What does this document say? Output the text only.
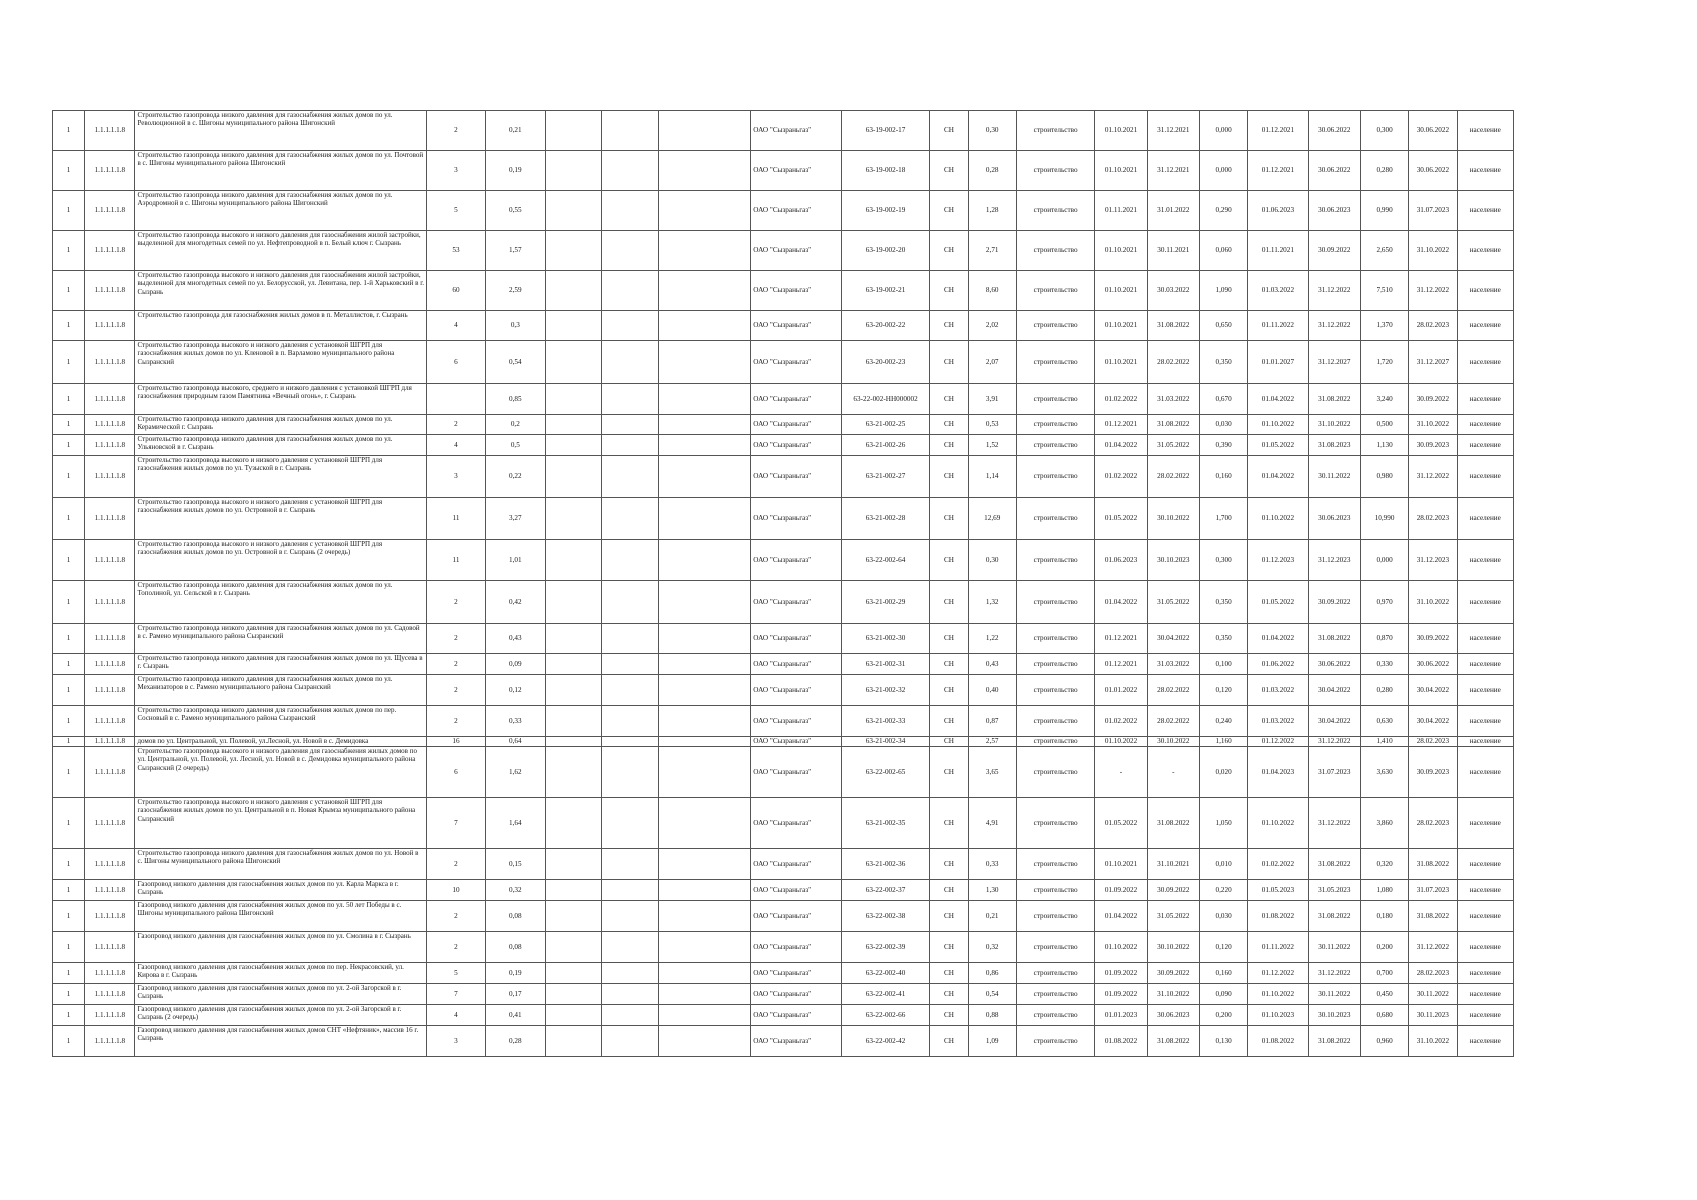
1	1.1.1.1.1.8	Строительство газопровода низкого давления для газоснабжения жилых домов по ул. Революционной в с. Шигоны муниципального района Шигонский	2	0,21				ОАО "Сызраньгаз"	63-19-002-17	СН	0,30	строительство	01.10.2021	31.12.2021	0,000	01.12.2021	30.06.2022	0,300	30.06.2022	население
1	1.1.1.1.1.8	Строительство газопровода низкого давления для газоснабжения жилых домов по ул. Почтовой в с. Шигоны муниципального района Шигонский	3	0,19				ОАО "Сызраньгаз"	63-19-002-18	СН	0,28	строительство	01.10.2021	31.12.2021	0,000	01.12.2021	30.06.2022	0,280	30.06.2022	население
1	1.1.1.1.1.8	Строительство газопровода низкого давления для газоснабжения жилых домов по ул. Аэродромной в с. Шигоны муниципального района Шигонский	5	0,55				ОАО "Сызраньгаз"	63-19-002-19	СН	1,28	строительство	01.11.2021	31.01.2022	0,290	01.06.2023	30.06.2023	0,990	31.07.2023	население
1	1.1.1.1.1.8	Строительство газопровода высокого и низкого давления для газоснабжения жилой застройки, выделенной для многодетных семей по ул. Нефтепроводной в п. Белый ключ г. Сызрань	53	1,57				ОАО "Сызраньгаз"	63-19-002-20	СН	2,71	строительство	01.10.2021	30.11.2021	0,060	01.11.2021	30.09.2022	2,650	31.10.2022	население
1	1.1.1.1.1.8	Строительство газопровода высокого и низкого давления для газоснабжения жилой застройки, выделенной для многодетных семей по ул. Белорусской, ул. Левитана, пер. 1-й Харьковский в г. Сызрань	60	2,59				ОАО "Сызраньгаз"	63-19-002-21	СН	8,60	строительство	01.10.2021	30.03.2022	1,090	01.03.2022	31.12.2022	7,510	31.12.2022	население
1	1.1.1.1.1.8	Строительство газопровода для газоснабжения жилых домов в п. Металлистов, г. Сызрань	4	0,3				ОАО "Сызраньгаз"	63-20-002-22	СН	2,02	строительство	01.10.2021	31.08.2022	0,650	01.11.2022	31.12.2022	1,370	28.02.2023	население
1	1.1.1.1.1.8	Строительство газопровода высокого и низкого давления с установкой ШГРП для газоснабжения жилых домов по ул. Кленовой в п. Варламово муниципального района Сызранский	6	0,54				ОАО "Сызраньгаз"	63-20-002-23	СН	2,07	строительство	01.10.2021	28.02.2022	0,350	01.01.2027	31.12.2027	1,720	31.12.2027	население
1	1.1.1.1.1.8	Строительство газопровода высокого, среднего и низкого давления с установкой ШГРП для газоснабжения природным газом Памятника «Вечный огонь», г. Сызрань		0,85				ОАО "Сызраньгаз"	63-22-002-НН000002	СН	3,91	строительство	01.02.2022	31.03.2022	0,670	01.04.2022	31.08.2022	3,240	30.09.2022	население
1	1.1.1.1.1.8	Строительство газопровода низкого давления для газоснабжения жилых домов по ул. Керамической г. Сызрань	2	0,2				ОАО "Сызраньгаз"	63-21-002-25	СН	0,53	строительство	01.12.2021	31.08.2022	0,030	01.10.2022	31.10.2022	0,500	31.10.2022	население
1	1.1.1.1.1.8	Строительство газопровода низкого давления для газоснабжения жилых домов по ул. Ульяновской в г. Сызрань	4	0,5				ОАО "Сызраньгаз"	63-21-002-26	СН	1,52	строительство	01.04.2022	31.05.2022	0,390	01.05.2022	31.08.2023	1,130	30.09.2023	население
1	1.1.1.1.1.8	Строительство газопровода высокого и низкого давления с установкой ШГРП для газоснабжения жилых домов по ул. Тузыской в г. Сызрань	3	0,22				ОАО "Сызраньгаз"	63-21-002-27	СН	1,14	строительство	01.02.2022	28.02.2022	0,160	01.04.2022	30.11.2022	0,980	31.12.2022	население
1	1.1.1.1.1.8	Строительство газопровода высокого и низкого давления с установкой ШГРП для газоснабжения жилых домов по ул. Островной в г. Сызрань	11	3,27				ОАО "Сызраньгаз"	63-21-002-28	СН	12,69	строительство	01.05.2022	30.10.2022	1,700	01.10.2022	30.06.2023	10,990	28.02.2023	население
1	1.1.1.1.1.8	Строительство газопровода высокого и низкого давления с установкой ШГРП для газоснабжения жилых домов по ул. Островной в г. Сызрань (2 очередь)	11	1,01				ОАО "Сызраньгаз"	63-22-002-64	СН	0,30	строительство	01.06.2023	30.10.2023	0,300	01.12.2023	31.12.2023	0,000	31.12.2023	население
1	1.1.1.1.1.8	Строительство газопровода низкого давления для газоснабжения жилых домов по ул. Тополиной, ул. Сельской в г. Сызрань	2	0,42				ОАО "Сызраньгаз"	63-21-002-29	СН	1,32	строительство	01.04.2022	31.05.2022	0,350	01.05.2022	30.09.2022	0,970	31.10.2022	население
1	1.1.1.1.1.8	Строительство газопровода низкого давления для газоснабжения жилых домов по ул. Садовой в с. Рамено муниципального района Сызранский	2	0,43				ОАО "Сызраньгаз"	63-21-002-30	СН	1,22	строительство	01.12.2021	30.04.2022	0,350	01.04.2022	31.08.2022	0,870	30.09.2022	население
1	1.1.1.1.1.8	Строительство газопровода низкого давления для газоснабжения жилых домов по ул. Щусева в г. Сызрань	2	0,09				ОАО "Сызраньгаз"	63-21-002-31	СН	0,43	строительство	01.12.2021	31.03.2022	0,100	01.06.2022	30.06.2022	0,330	30.06.2022	население
1	1.1.1.1.1.8	Строительство газопровода низкого давления для газоснабжения жилых домов по ул. Механизаторов в с. Рамено муниципального района Сызранский	2	0,12				ОАО "Сызраньгаз"	63-21-002-32	СН	0,40	строительство	01.01.2022	28.02.2022	0,120	01.03.2022	30.04.2022	0,280	30.04.2022	население
1	1.1.1.1.1.8	Строительство газопровода низкого давления для газоснабжения жилых домов по пер. Сосновый в с. Рамено муниципального района Сызранский	2	0,33				ОАО "Сызраньгаз"	63-21-002-33	СН	0,87	строительство	01.02.2022	28.02.2022	0,240	01.03.2022	30.04.2022	0,630	30.04.2022	население
1	1.1.1.1.1.8	домов по ул. Центральной, ул. Полевой, ул.Лесной, ул. Новой в с. Демидовка	16	0,64				ОАО "Сызраньгаз"	63-21-002-34	СН	2,57	строительство	01.10.2022	30.10.2022	1,160	01.12.2022	31.12.2022	1,410	28.02.2023	население
1	1.1.1.1.1.8	Строительство газопровода высокого и низкого давления для газоснабжения жилых домов по ул. Центральной, ул. Полевой, ул. Лесной, ул. Новой в с. Демидовка муниципального района Сызранский (2 очередь)	6	1,62				ОАО "Сызраньгаз"	63-22-002-65	СН	3,65	строительство	-	-	0,020	01.04.2023	31.07.2023	3,630	30.09.2023	население
1	1.1.1.1.1.8	Строительство газопровода высокого и низкого давления с установкой ШГРП для газоснабжения жилых домов по ул. Центральной в п. Новая Крымза муниципального района Сызранский	7	1,64				ОАО "Сызраньгаз"	63-21-002-35	СН	4,91	строительство	01.05.2022	31.08.2022	1,050	01.10.2022	31.12.2022	3,860	28.02.2023	население
1	1.1.1.1.1.8	Строительство газопровода низкого давления для газоснабжения жилых домов по ул. Новой в с. Шигоны муниципального района Шигонский	2	0,15				ОАО "Сызраньгаз"	63-21-002-36	СН	0,33	строительство	01.10.2021	31.10.2021	0,010	01.02.2022	31.08.2022	0,320	31.08.2022	население
1	1.1.1.1.1.8	Газопровод низкого давления для газоснабжения жилых домов по ул. Карла Маркса в г. Сызрань	10	0,32				ОАО "Сызраньгаз"	63-22-002-37	СН	1,30	строительство	01.09.2022	30.09.2022	0,220	01.05.2023	31.05.2023	1,080	31.07.2023	население
1	1.1.1.1.1.8	Газопровод низкого давления для газоснабжения жилых домов по ул. 50 лет Победы в с. Шигоны муниципального района Шигонский	2	0,08				ОАО "Сызраньгаз"	63-22-002-38	СН	0,21	строительство	01.04.2022	31.05.2022	0,030	01.08.2022	31.08.2022	0,180	31.08.2022	население
1	1.1.1.1.1.8	Газопровод низкого давления для газоснабжения жилых домов по ул. Смолина в г. Сызрань	2	0,08				ОАО "Сызраньгаз"	63-22-002-39	СН	0,32	строительство	01.10.2022	30.10.2022	0,120	01.11.2022	30.11.2022	0,200	31.12.2022	население
1	1.1.1.1.1.8	Газопровод низкого давления для газоснабжения жилых домов по пер. Некрасовский, ул. Кирова в г. Сызрань	5	0,19				ОАО "Сызраньгаз"	63-22-002-40	СН	0,86	строительство	01.09.2022	30.09.2022	0,160	01.12.2022	31.12.2022	0,700	28.02.2023	население
1	1.1.1.1.1.8	Газопровод низкого давления для газоснабжения жилых домов по ул. 2-ой Загорской в г. Сызрань	7	0,17				ОАО "Сызраньгаз"	63-22-002-41	СН	0,54	строительство	01.09.2022	31.10.2022	0,090	01.10.2022	30.11.2022	0,450	30.11.2022	население
1	1.1.1.1.1.8	Газопровод низкого давления для газоснабжения жилых домов по ул. 2-ой Загорской в г. Сызрань (2 очередь)	4	0,41				ОАО "Сызраньгаз"	63-22-002-66	СН	0,88	строительство	01.01.2023	30.06.2023	0,200	01.10.2023	30.10.2023	0,680	30.11.2023	население
1	1.1.1.1.1.8	Газопровод низкого давления для газоснабжения жилых домов СНТ «Нефтяник», массив 16 г. Сызрань	3	0,28				ОАО "Сызраньгаз"	63-22-002-42	СН	1,09	строительство	01.08.2022	31.08.2022	0,130	01.08.2022	31.08.2022	0,960	31.10.2022	население
